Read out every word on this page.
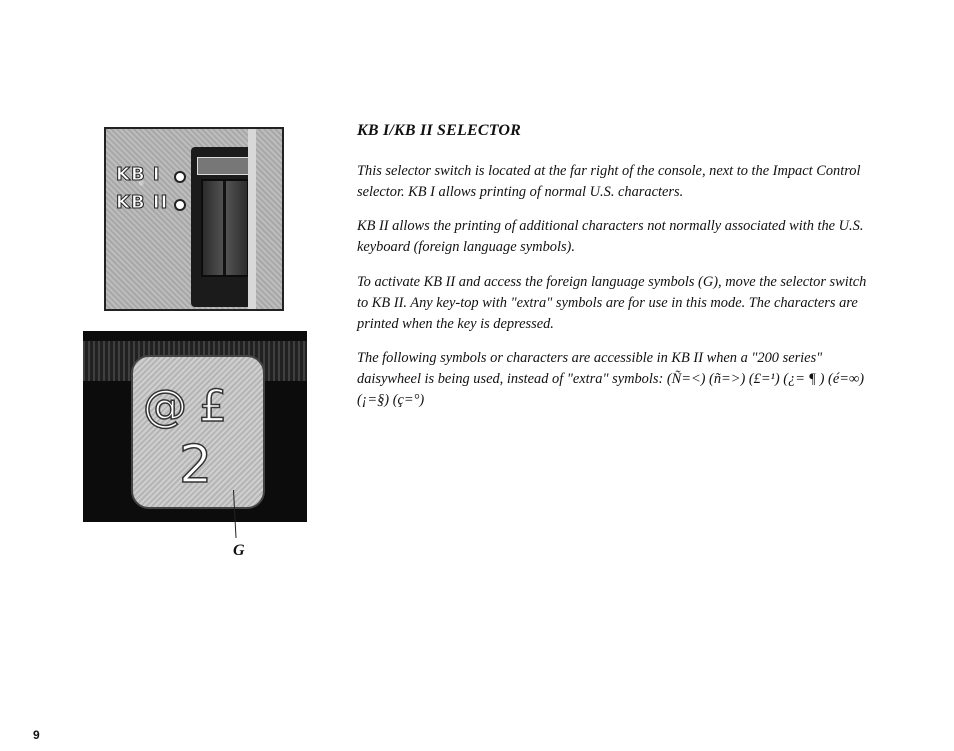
KB I/KB II SELECTOR

This selector switch is located at the far right of the console, next to the Impact Control selector. KB I allows printing of normal U.S. characters.

KB II allows the printing of additional characters not normally associated with the U.S. keyboard (foreign language symbols).

To activate KB II and access the foreign language symbols (G), move the selector switch to KB II. Any key-top with "extra" symbols are for use in this mode. The characters are printed when the key is depressed.

The following symbols or characters are accessible in KB II when a "200 series" daisywheel is being used, instead of "extra" symbols: (Ñ=<) (ñ=>) (£=¹) (¿= ¶ ) (é=∞) (¡=§) (ç=°)

KB I
KB II
@ £
2
G
9
